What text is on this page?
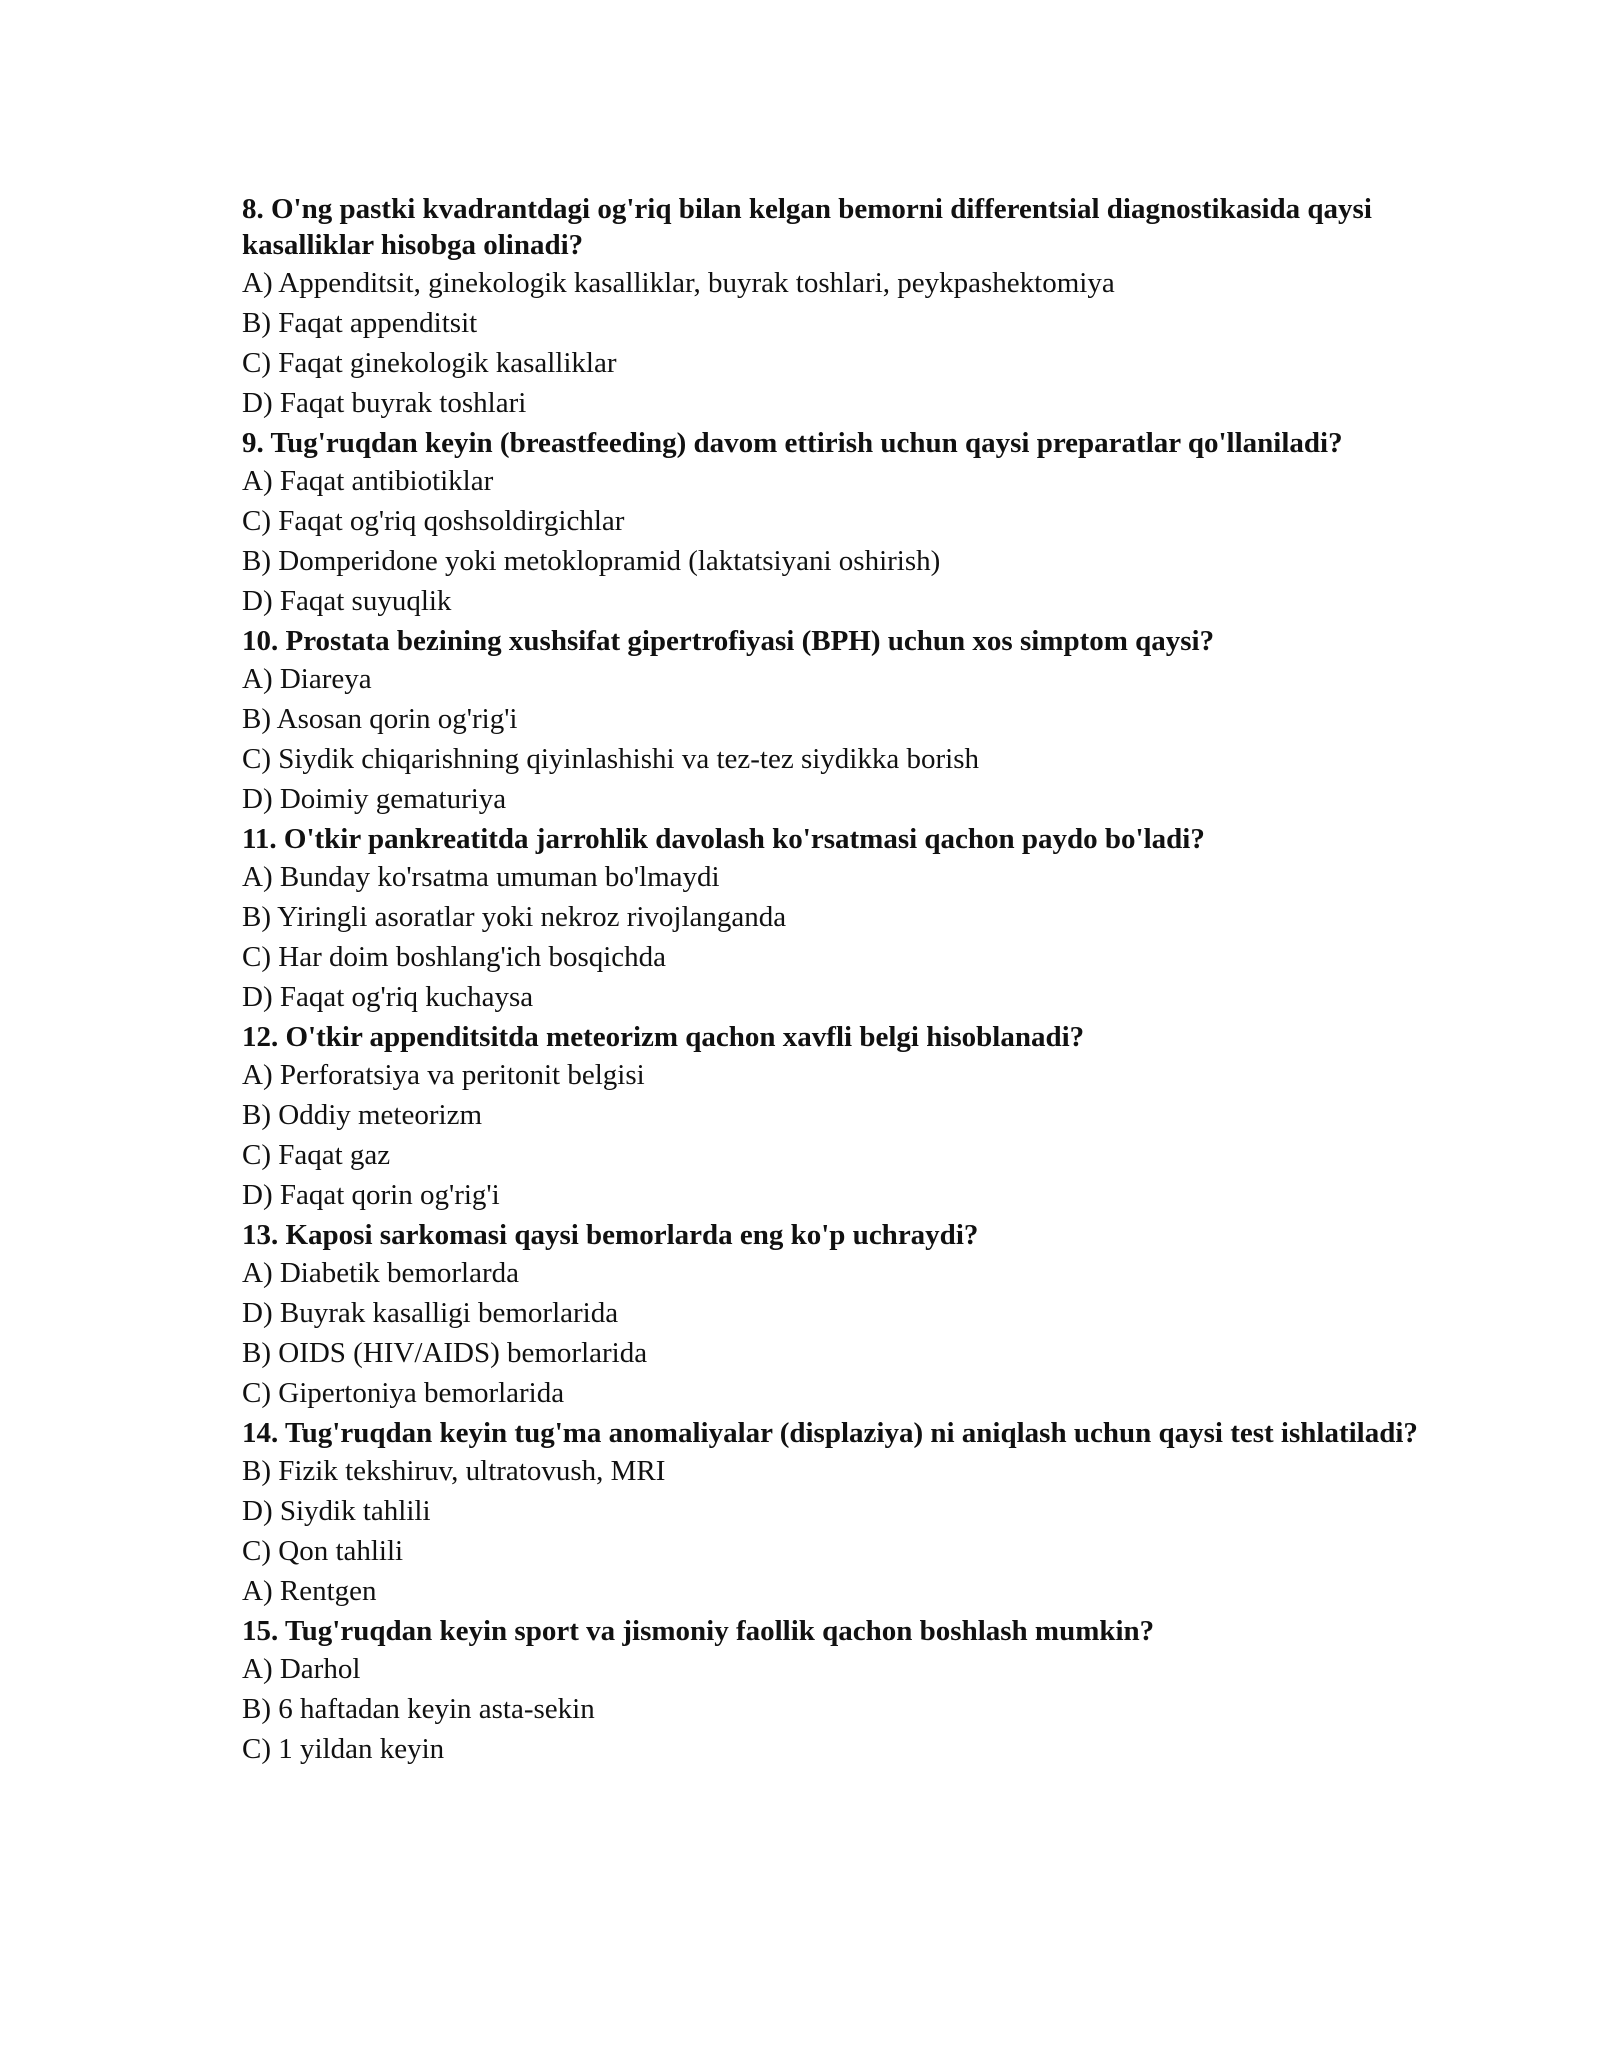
8. O'ng pastki kvadrantdagi og'riq bilan kelgan bemorni differentsial diagnostikasida qaysi kasalliklar hisobga olinadi?

A) Appenditsit, ginekologik kasalliklar, buyrak toshlari, peykpashektomiya

B) Faqat appenditsit

C) Faqat ginekologik kasalliklar

D) Faqat buyrak toshlari

9. Tug'ruqdan keyin (breastfeeding) davom ettirish uchun qaysi preparatlar qo'llaniladi?

A) Faqat antibiotiklar

C) Faqat og'riq qoshsoldirgichlar

B) Domperidone yoki metoklopramid (laktatsiyani oshirish)

D) Faqat suyuqlik

10. Prostata bezining xushsifat gipertrofiyasi (BPH) uchun xos simptom qaysi?

A) Diareya

B) Asosan qorin og'rig'i

C) Siydik chiqarishning qiyinlashishi va tez-tez siydikka borish

D) Doimiy gematuriya

11. O'tkir pankreatitda jarrohlik davolash ko'rsatmasi qachon paydo bo'ladi?

A) Bunday ko'rsatma umuman bo'lmaydi

B) Yiringli asoratlar yoki nekroz rivojlanganda

C) Har doim boshlang'ich bosqichda

D) Faqat og'riq kuchaysa

12. O'tkir appenditsitda meteorizm qachon xavfli belgi hisoblanadi?

A) Perforatsiya va peritonit belgisi

B) Oddiy meteorizm

C) Faqat gaz

D) Faqat qorin og'rig'i

13. Kaposi sarkomasi qaysi bemorlarda eng ko'p uchraydi?

A) Diabetik bemorlarda

D) Buyrak kasalligi bemorlarida

B) OIDS (HIV/AIDS) bemorlarida

C) Gipertoniya bemorlarida

14. Tug'ruqdan keyin tug'ma anomaliyalar (displaziya) ni aniqlash uchun qaysi test ishlatiladi?

B) Fizik tekshiruv, ultratovush, MRI

D) Siydik tahlili

C) Qon tahlili

A) Rentgen

15. Tug'ruqdan keyin sport va jismoniy faollik qachon boshlash mumkin?

A) Darhol

B) 6 haftadan keyin asta-sekin

C) 1 yildan keyin
